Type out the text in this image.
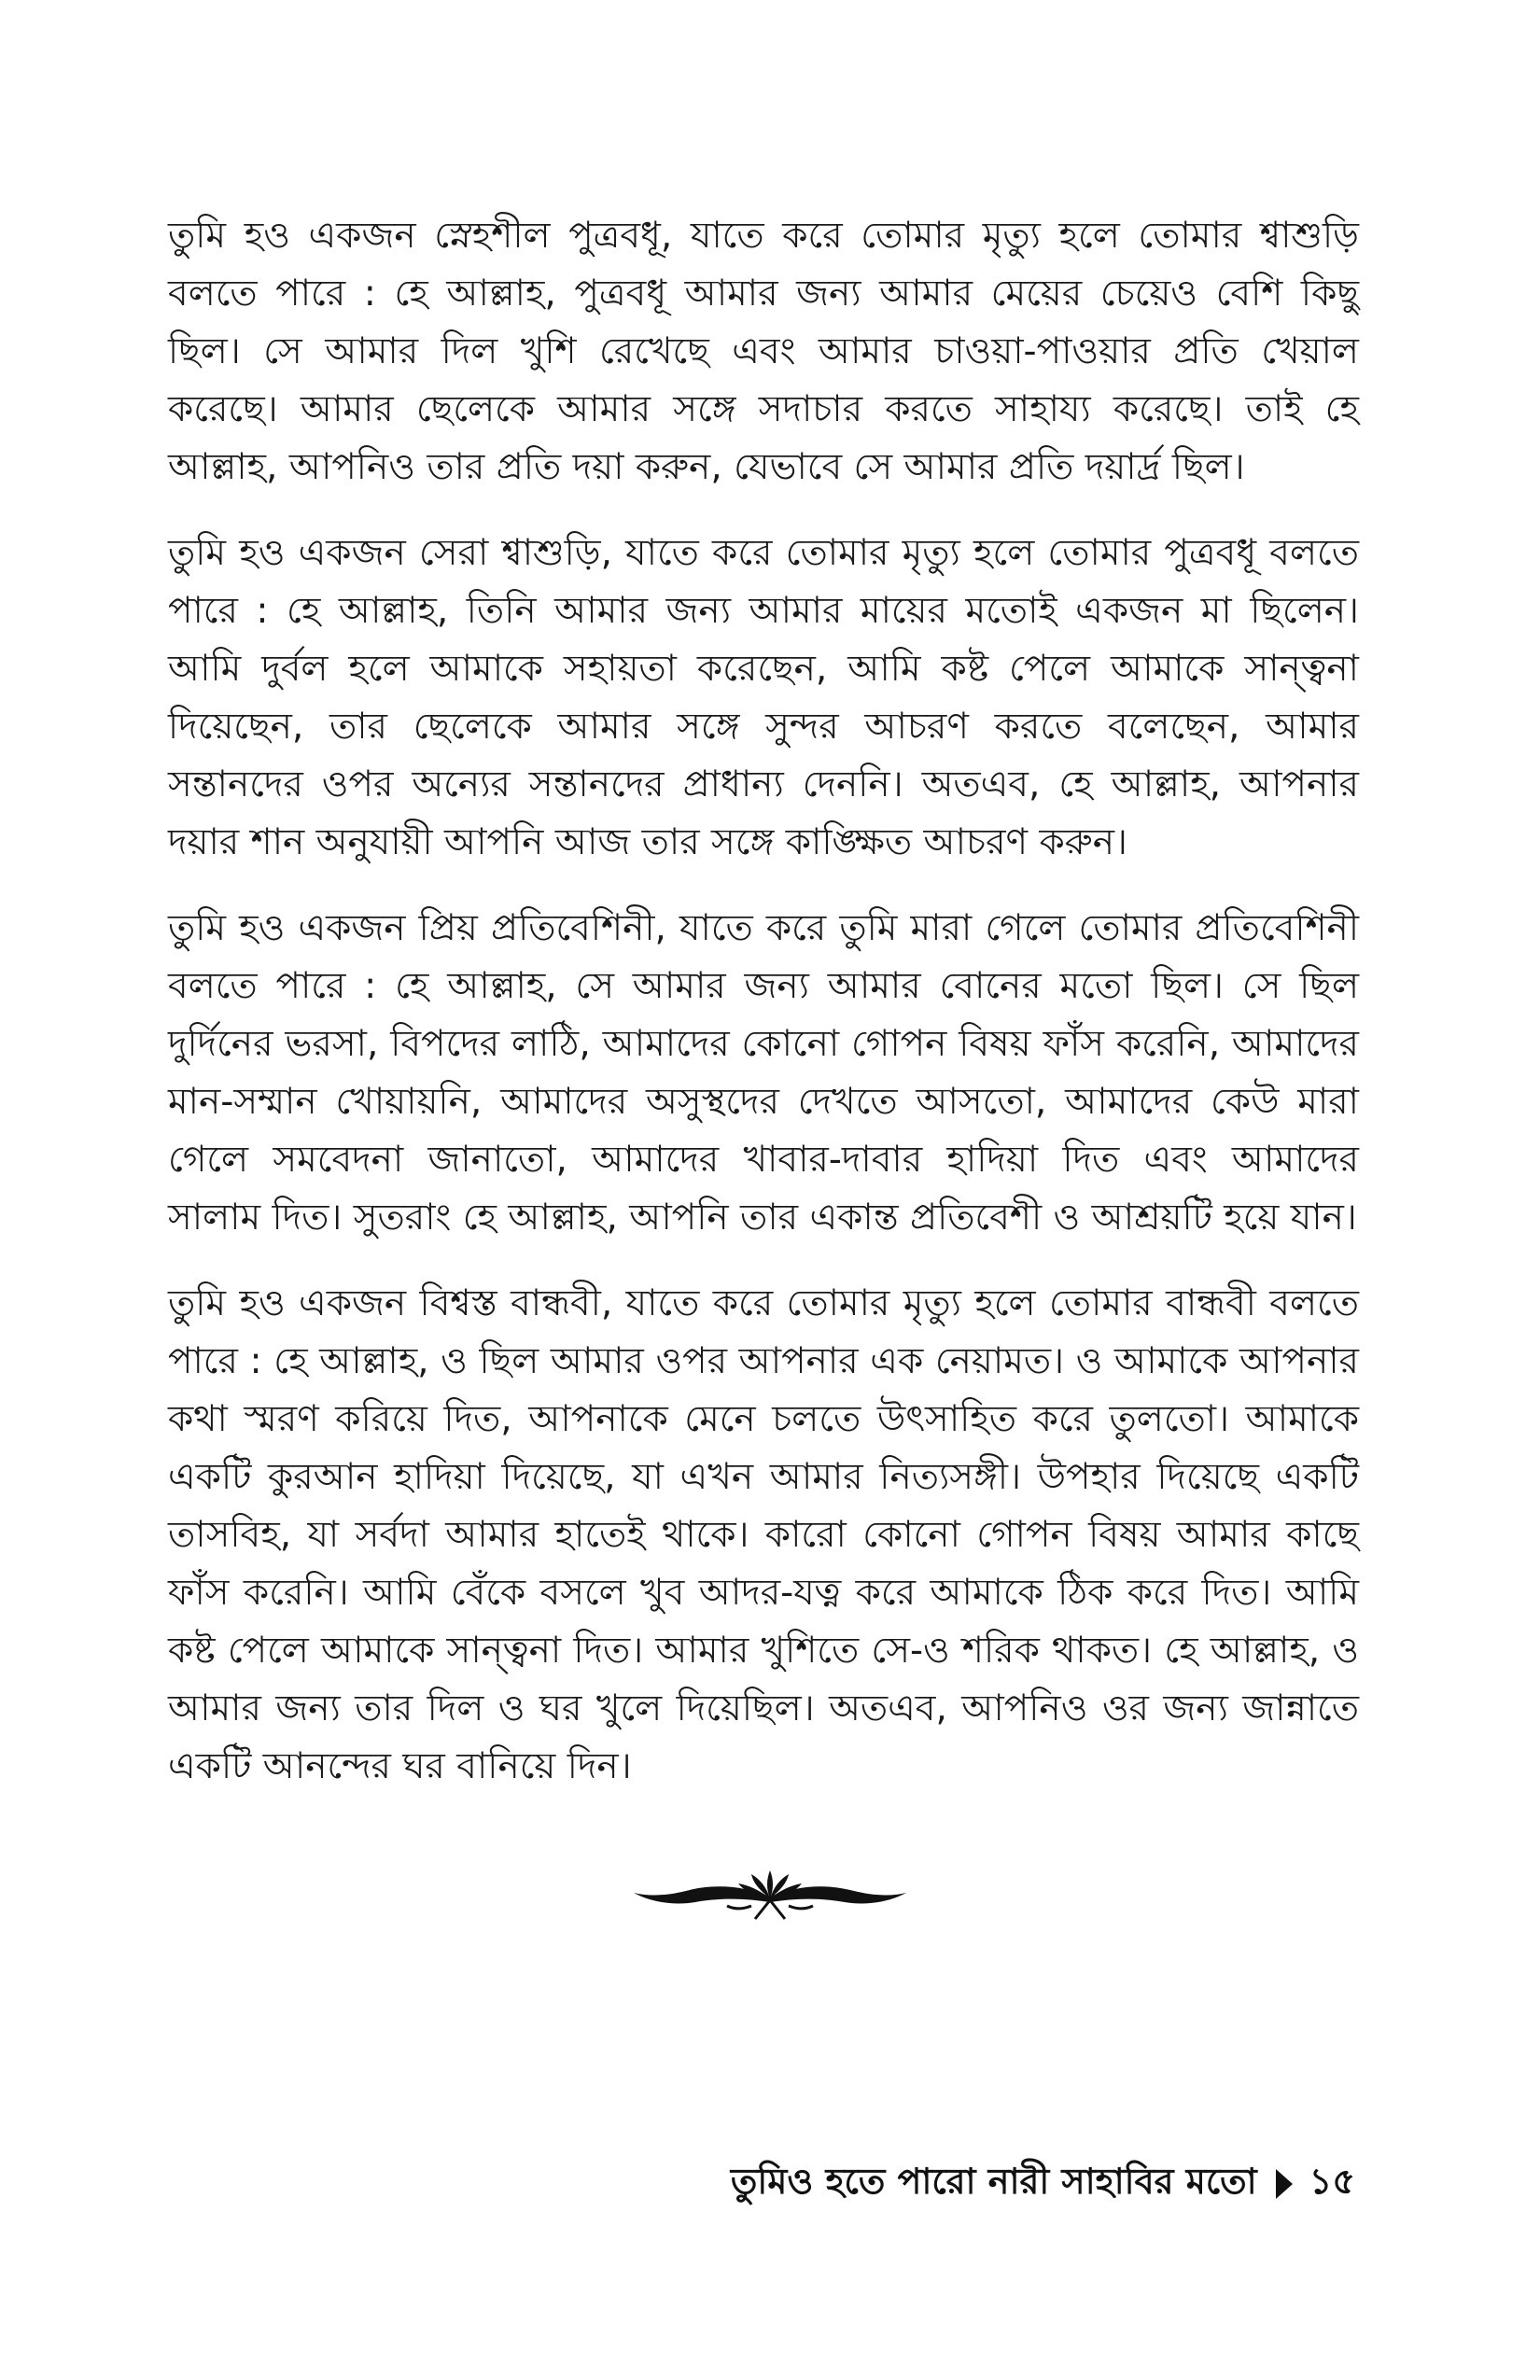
তুমি হও একজন স্নেহশীল পুত্রবধূ, যাতে করে তোমার মৃত্যু হলে তোমার শ্বাশুড়ি বলতে পারে : হে আল্লাহ, পুত্রবধূ আমার জন্য আমার মেয়ের চেয়েও বেশি কিছু ছিল। সে আমার দিল খুশি রেখেছে এবং আমার চাওয়া-পাওয়ার প্রতি খেয়াল করেছে। আমার ছেলেকে আমার সঙ্গে সদাচার করতে সাহায্য করেছে। তাই হে আল্লাহ, আপনিও তার প্রতি দয়া করুন, যেভাবে সে আমার প্রতি দয়ার্দ্র ছিল।

তুমি হও একজন সেরা শ্বাশুড়ি, যাতে করে তোমার মৃত্যু হলে তোমার পুত্রবধূ বলতে পারে : হে আল্লাহ, তিনি আমার জন্য আমার মায়ের মতোই একজন মা ছিলেন। আমি দুর্বল হলে আমাকে সহায়তা করেছেন, আমি কষ্ট পেলে আমাকে সান্ত্বনা দিয়েছেন, তার ছেলেকে আমার সঙ্গে সুন্দর আচরণ করতে বলেছেন, আমার সন্তানদের ওপর অন্যের সন্তানদের প্রাধান্য দেননি। অতএব, হে আল্লাহ, আপনার দয়ার শান অনুযায়ী আপনি আজ তার সঙ্গে কাঙ্ক্ষিত আচরণ করুন।

তুমি হও একজন প্রিয় প্রতিবেশিনী, যাতে করে তুমি মারা গেলে তোমার প্রতিবেশিনী বলতে পারে : হে আল্লাহ, সে আমার জন্য আমার বোনের মতো ছিল। সে ছিল দুর্দিনের ভরসা, বিপদের লাঠি, আমাদের কোনো গোপন বিষয় ফাঁস করেনি, আমাদের মান-সম্মান খোয়ায়নি, আমাদের অসুস্থদের দেখতে আসতো, আমাদের কেউ মারা গেলে সমবেদনা জানাতো, আমাদের খাবার-দাবার হাদিয়া দিত এবং আমাদের সালাম দিত। সুতরাং হে আল্লাহ, আপনি তার একান্ত প্রতিবেশী ও আশ্রয়টি হয়ে যান।

তুমি হও একজন বিশ্বস্ত বান্ধবী, যাতে করে তোমার মৃত্যু হলে তোমার বান্ধবী বলতে পারে : হে আল্লাহ, ও ছিল আমার ওপর আপনার এক নেয়ামত। ও আমাকে আপনার কথা স্মরণ করিয়ে দিত, আপনাকে মেনে চলতে উৎসাহিত করে তুলতো। আমাকে একটি কুরআন হাদিয়া দিয়েছে, যা এখন আমার নিত্যসঙ্গী। উপহার দিয়েছে একটি তাসবিহ, যা সর্বদা আমার হাতেই থাকে। কারো কোনো গোপন বিষয় আমার কাছে ফাঁস করেনি। আমি বেঁকে বসলে খুব আদর-যত্ন করে আমাকে ঠিক করে দিত। আমি কষ্ট পেলে আমাকে সান্ত্বনা দিত। আমার খুশিতে সে-ও শরিক থাকত। হে আল্লাহ, ও আমার জন্য তার দিল ও ঘর খুলে দিয়েছিল। অতএব, আপনিও ওর জন্য জান্নাতে একটি আনন্দের ঘর বানিয়ে দিন।

তুমিও হতে পারো নারী সাহাবির মতো ১৫
